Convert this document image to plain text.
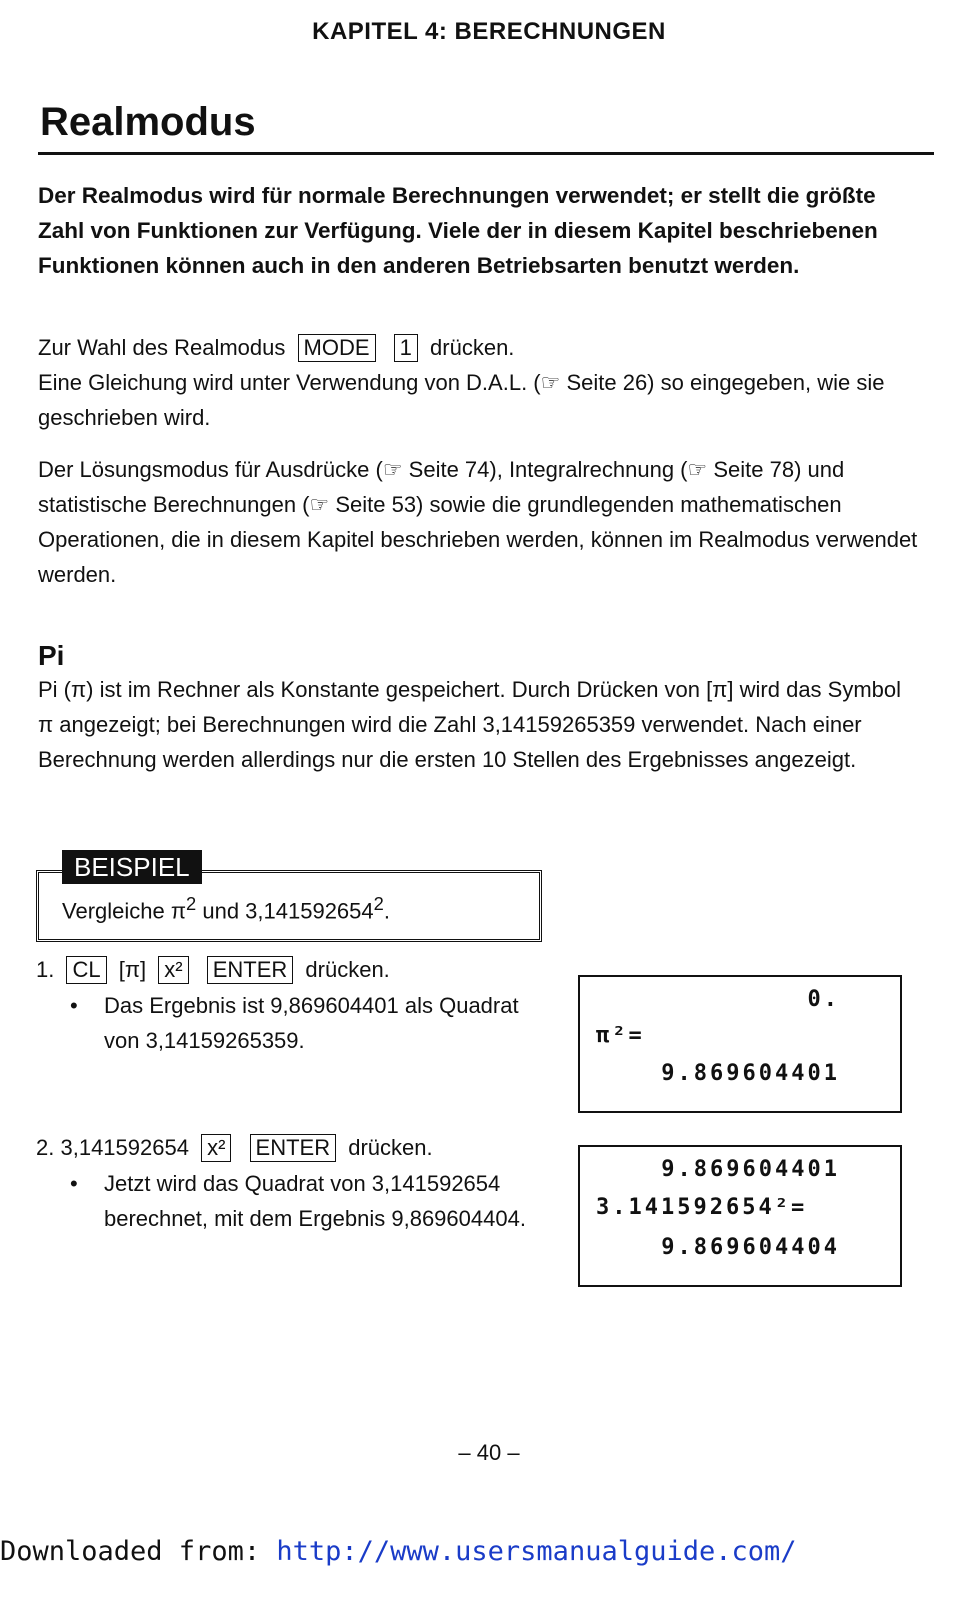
KAPITEL 4: BERECHNUNGEN
Realmodus
Der Realmodus wird für normale Berechnungen verwendet; er stellt die größte Zahl von Funktionen zur Verfügung. Viele der in diesem Kapitel beschriebenen Funktionen können auch in den anderen Betriebsarten benutzt werden.
Zur Wahl des Realmodus MODE 1 drücken.
Eine Gleichung wird unter Verwendung von D.A.L. (☞ Seite 26) so eingegeben, wie sie geschrieben wird.
Der Lösungsmodus für Ausdrücke (☞ Seite 74), Integralrechnung (☞ Seite 78) und statistische Berechnungen (☞ Seite 53) sowie die grundlegenden mathematischen Operationen, die in diesem Kapitel beschrieben werden, können im Realmodus verwendet werden.
Pi
Pi (π) ist im Rechner als Konstante gespeichert. Durch Drücken von [π] wird das Symbol π angezeigt; bei Berechnungen wird die Zahl 3,14159265359 verwendet. Nach einer Berechnung werden allerdings nur die ersten 10 Stellen des Ergebnisses angezeigt.
BEISPIEL
Vergleiche $\pi^2$ und 3,141592654$^2$.
1. CL [π] x² ENTER drücken.
• Das Ergebnis ist 9,869604401 als Quadrat von 3,14159265359.
0.
π²=
9.869604401
2. 3,141592654 x² ENTER drücken.
• Jetzt wird das Quadrat von 3,141592654 berechnet, mit dem Ergebnis 9,869604404.
9.869604401
3.141592654²=
9.869604404
– 40 –
Downloaded from: http://www.usersmanualguide.com/
